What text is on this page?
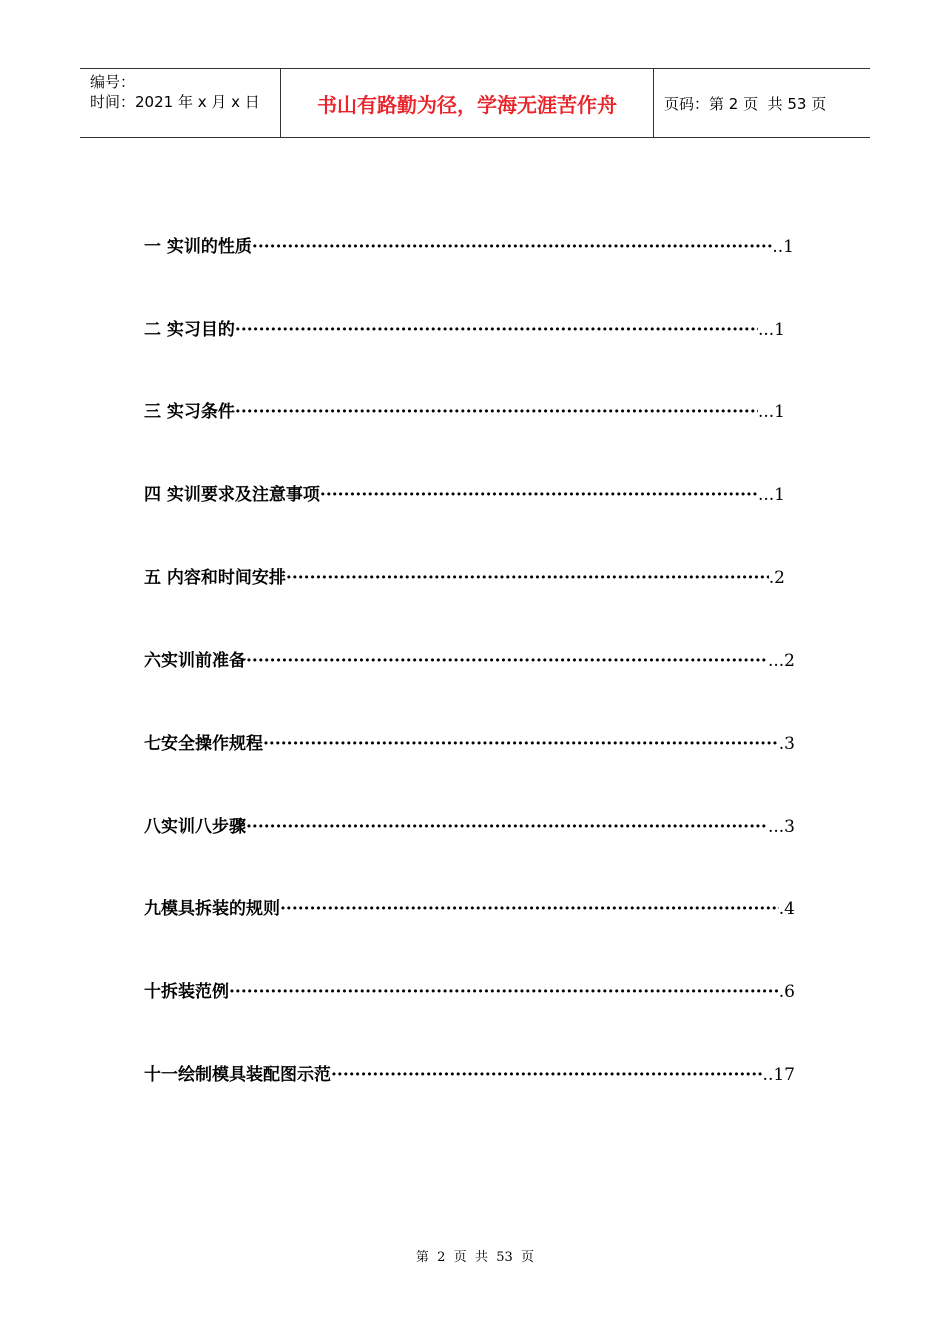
编号：
时间：2021 年 x 月 x 日	书山有路勤为径，学海无涯苦作舟	页码：第 2 页  共 53 页
一 实训的性质 ·····	..1
二 实习目的 ·····	...1
三 实习条件 ·····	...1
四 实训要求及注意事项 ·····	...1
五 内容和时间安排 ·····	.2
六实训前准备 ·····	...2
七安全操作规程 ·····	.3
八实训八步骤 ·····	...3
九模具拆装的规则 ·····	.4
十拆装范例 ·····	.6
十一绘制模具装配图示范 ·····	..17
第  2  页  共  53  页
